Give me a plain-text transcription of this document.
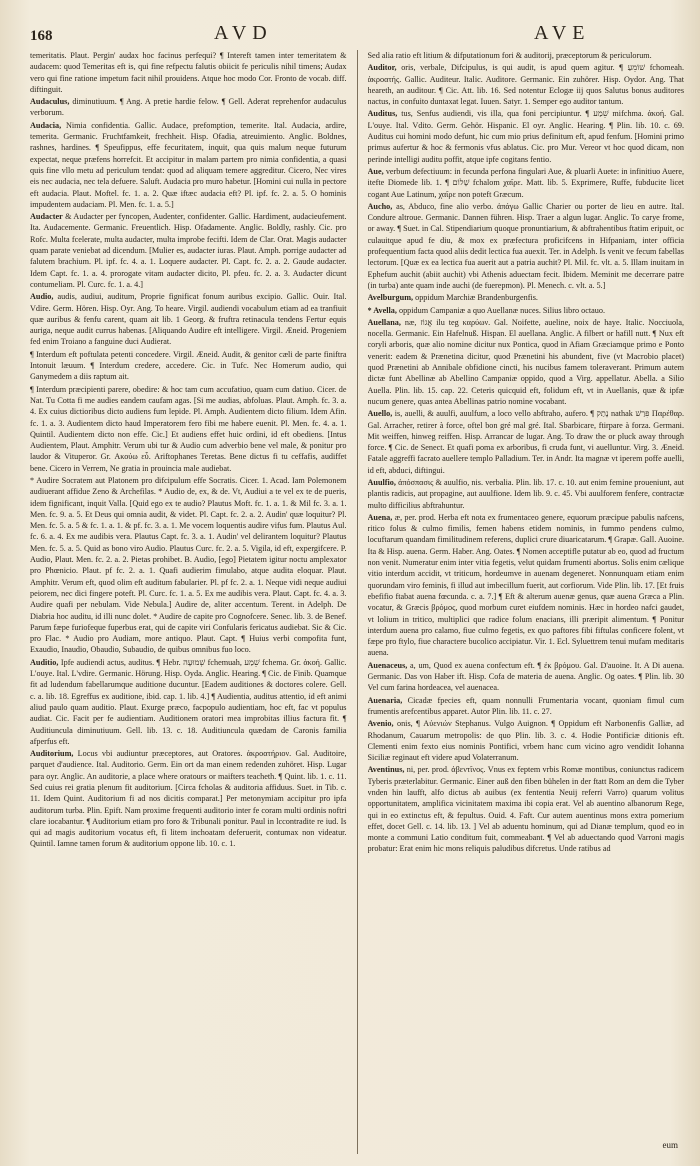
168	AVD	AVE

temeritatis. Plaut. Pergin' audax hoc facinus perfequi? ¶ Intereft tamen inter temeritatem & audacem: quod Temeritas eft is, qui fine refpectu falutis obiicit fe periculis nihil timens; Audax vero qui fine ratione impetum facit nihil prouidens. Atque hoc modo Cor. Fronto de vocab. diff. diftinguit.

Audaculus, diminutiuum. ¶ Ang. A pretie hardie felow. ¶ Gell. Aderat reprehenfor audaculus verborum.

Audacia, Nimia confidentia. Gallic. Audace, prefomption, temerite. Ital. Audacia, ardire, temerita. Germanic. Fruchtfamkeit, frechheit. Hisp. Ofadia, atreuimiento. Anglic. Boldnes, rashnes, hardines. ¶ Speufippus, effe fecuritatem, inquit, qua quis malum neque futurum expectat, neque præfens horrefcit. Et accipitur in malam partem pro nimia confidentia, a quasi quis fine vllo metu ad periculum tendat: quod ad aliquam temere aggreditur. Cicero, Nec vires eis nec audacia, nec tela defuere. Saluft. Audacia pro muro habetur. [Homini cui nulla in pectore eft audacia. Plaut. Moftel. fc. 1. a. 2. Quæ iftæc audacia eft? Pl. ipf. fc. 2. a. 5. O hominis impudentem audaciam. Pl. Men. fc. 1. a. 5.]

Audacter & Audacter per fyncopen, Audenter, confidenter. Gallic. Hardiment, audacieufement. Ita. Audacemente. Germanic. Freuentlich. Hisp. Ofadamente. Anglic. Boldly, rashly. Cic. pro Rofc. Multa fcelerate, multa audacter, multa improbe fecifti. Idem de Clar. Orat. Magis audacter quam parate veniebat ad dicendum. [Mulier es, audacter iuras. Plaut. Amph. porrige audacter ad falutem brachium. Pl. ipf. fc. 4. a. 1. Loquere audacter. Pl. Capt. fc. 2. a. 2. Gaude audacter. Idem Capt. fc. 1. a. 4. prorogate vitam audacter dicito, Pl. pfeu. fc. 2. a. 3. Audacter dicunt contumeliam. Pl. Curc. fc. 1. a. 4.]

Audio, audis, audiui, auditum, Proprie fignificat fonum auribus excipio. Gallic. Ouir. Ital. Vdire. Germ. Hören. Hisp. Oyr. Ang. To heare. Virgil. audiendi vocabulum etiam ad ea tranfiuit quæ auribus & fenfu carent, quam ait lib. 1 Georg. & fruftra retinacula tendens Fertur equis auriga, neque audit currus habenas. [Aliquando Audire eft intelligere. Virgil. Æneid. Progeniem fed enim Troiano a fanguine duci Audierat.

¶ Interdum eft poftulata petenti concedere. Virgil. Æneid. Audit, & genitor cæli de parte finiftra Intonuit læuum. ¶ Interdum credere, accedere. Cic. in Tufc. Nec Homerum audio, qui Ganymedem a diis raptum ait.

¶ Interdum præcipienti parere, obedire: & hoc tam cum accufatiuo, quam cum datiuo. Cicer. de Nat. Tu Cotta fi me audies eandem caufam agas. [Si me audias, abfoluas. Plaut. Amph. fc. 3. a. 4. Ex cuius dictioribus dicto audiens fum lepide. Pl. Amph. Audientem dicto filium. Idem Afin. fc. 1. a. 3. Audientem dicto haud Imperatorem fero fibi me habere euenit. Pl. Men. fc. 4. a. 1. Quintil. Audientem dicto non effe. Cic.] Et audiens effet huic ordini, id eft obediens. [Intus Audientem, Plaut. Amphitr. Verum ubi tur & Audio cum adverbio bene vel male, & ponitur pro laudor & Vituperor. Gr. Ακούω εὖ. Ariftophanes Teretas. Bene dictus fi tu ceffafis, audiffet bene. Cicero in Verrem, Ne gratia in prouincia male audiebat.

* Audire Socratem aut Platonem pro difcipulum effe Socratis. Cicer. 1. Acad. Iam Polemonem audiuerant affidue Zeno & Archefilas. * Audio de, ex, & de. Vt, Audiui a te vel ex te de pueris, idem fignificant, inquit Valla. [Quid ego ex te audio? Plautus Moft. fc. 1. a. 1. & Mil fc. 3. a. 1. Men. fc. 9. a. 5. Et Deus qui omnia audit, & videt. Pl. Capt. fc. 2. a. 2. Audin' quæ loquitur? Pl. Men. fc. 5. a. 5 & fc. 1. a. 1. & pf. fc. 3. a. 1. Me vocem loquentis audire vifus fum. Plautus Aul. fc. 6. a. 4. Ex me audibis vera. Plautus Capt. fc. 3. a. 1. Audin' vel delirantem loquitur? Plautus Men. fc. 5. a. 5. Quid as bono viro Audio. Plautus Curc. fc. 2. a. 5. Vigila, id eft, expergifcere. P. Audio, Plaut. Men. fc. 2. a. 2. Pietas prohibet. B. Audio, [ego] Pietatem igitur noctu amplexator pro Phœnicio. Plaut. pf fc. 2. a. 1. Quafi audierim fimulabo, atque audita eloquar. Plaut. Amphitr. Verum eft, quod olim eft auditum fabularier. Pl. pf fc. 2. a. 1. Neque vidi neque audiui peiorem, nec dici fingere poteft. Pl. Curc. fc. 1. a. 5. Ex me audibis vera. Plaut. Capt. fc. 4. a. 3. Audire quafi per nebulam. Vide Nebula.] Audire de, aliter accentum. Terent. in Adelph. De Diabria hoc auditu, id illi nunc dolet. * Audire de capite pro Cognofcere. Senec. lib. 3. de Benef. Parum fæpe furiofeque fuperbus erat, qui de capite viri Confularis fericatus audiebat. Sic & Cic. pro Flac. * Audio pro Audiam, more antiquo. Plaut. Capt. ¶ Huius verbi compofita funt, Exaudio, Inaudio, Obaudio, Subaudio, de quibus omnibus fuo loco.

Auditio, Ipfe audiendi actus, auditus. ¶ Hebr. שְׁמוּעָה fchemuah, שֵׁמַע fchema. Gr. ἀκοή. Gallic. L'ouye. Ital. L'vdire. Germanic. Hörung. Hisp. Oyda. Anglic. Hearing. ¶ Cic. de Finib. Quamque fit ad ludendum fabellarumque auditione ducuntur. [Eadem auditiones & doctores colere. Gell. c. a. lib. 18. Egreffus ex auditione, ibid. cap. 1. lib. 4.] ¶ Audientia, auditus attentio, id eft animi aliud paulo quam auditio. Plaut. Exurge præco, facpopulo audientiam, hoc eft, fac vt populus audiat. Cic. Facit per fe audientiam. Auditionem oratori mea improbitas illius factura fit. ¶ Auditiuncula diminutiuum. Gell. lib. 13. c. 18. Auditiuncula quædam de Caronis familia afperfus eft.

Auditorium, Locus vbi audiuntur præceptores, aut Oratores. ἀκροατήριον. Gal. Auditoire, parquet d'audience. Ital. Auditorio. Germ. Ein ort da man einem redenden zuhöret. Hisp. Lugar para oyr. Anglic. An auditorie, a place where oratours or maifters teacheth. ¶ Quint. lib. 1. c. 11. Sed cuius rei gratia plenum fit auditorium. [Circa fcholas & auditoria affiduus. Suet. in Tib. c. 11. Idem Quint. Auditorium fi ad nos dicitis comparat.] Per metonymiam accipitur pro ipfa auditorum turba. Plin. Epift. Nam proxime frequenti auditorio inter fe coram multi ordinis noftri clare iocabantur. ¶ Auditorium etiam pro foro & Tribunali ponitur. Paul in lccontradite re iud. Is qui ad magis auditorium vocatus eft, fi litem inchoatam deferuerit, contumax non videatur. Quintil. Iamne tamen forum & auditorium oppone lib. 10. c. 1.

Sed alia ratio eft litium & difputationum fori & auditorij, præceptorum & periculorum.

Auditor, oris, verbale, Difcipulus, is qui audit, is apud quem agitur. ¶ שׁוֹמֵעַ fchomeah. ἀκροατής. Gallic. Auditeur. Italic. Auditore. Germanic. Ein zuhörer. Hisp. Oydor. Ang. That heareth, an auditour. ¶ Cic. Att. lib. 16. Sed notentur Eclogæ iij quos Salutus bonus auditores nactus, in confuito duntaxat legat. Iuuen. Satyr. 1. Semper ego auditor tantum.

Auditus, tus, Senfus audiendi, vis illa, qua foni percipiuntur. ¶ שֵׁמַע mifchma. ἀκοή. Gal. L'ouye. Ital. Vdito. Germ. Gehör. Hispanic. El oyr. Anglic. Hearing. ¶ Plin. lib. 10. c. 69. Auditus cui homini modo defunt, hic cum mio prius definitum eft, apud fenfum. [Homini primo primus aufertur & hoc & fermonis vfus ablatus. Cic. pro Mur. Vereor vt hoc quod dicam, non perinde intelligi auditu poffit, atque ipfe cogitans fentio.

Aue, verbum defectiuum: in fecunda perfona fingulari Aue, & pluarli Auete: in infinitiuo Auere, itefte Diomede lib. 1. ¶ שָׁלוֹם fchalom χαῖρε. Matt. lib. 5. Exprimere, Ruffe, fubducite licet cogant Aue Latinum, χαῖρε non poteft Græcum.

Aucho, as, Abduco, fine alio verbo. ἀπάγω Gallic Charier ou porter de lieu en autre. Ital. Condure altroue. Germanic. Dannen führen. Hisp. Traer a algun lugar. Anglic. To carye frome, or away. ¶ Suet. in Cal. Stipendiarium quoque pronuntiarium, & abftrahentibus ftatim eripuit, oc culauitque apud fe diu, & mox ex præfectura proficifcens in Hifpaniam, inter officia profequentium facta quod aliis dedit lectica fua auexit. Ter. in Adelph. Is venit ve fecum fabellas lectorum. [Quæ ex ea lectica fua auerit aut a patria auchit? Pl. Mil. fc. vlt. a. 5. Illam inuitam in Ephefum auchit (abiit auchit) vbi Athenis aduectam fecit. Ibidem. Meminit me decerrare patre (in turba) ante quam inde auchi (de fuerepmon). Pl. Menech. c. vlt. a. 5.]

Avelburgum, oppidum Marchiæ Brandenburgenfis.

* Avella, oppidum Campaniæ a quo Auellanæ nuces. Silius libro octauo.

Auellana, næ, אֱגוֹז ilu teg καρύων. Gal. Noifette, aueline, noix de haye. Italic. Nocciuola, nocella. Germanic. Ein Hafelnuß. Hispan. El auellana. Anglic. A filbert or hafill nutt. ¶ Nux eft coryli arboris, quæ alio nomine dicitur nux Pontica, quod in Afiam Græciamque primo e Ponto venerit: eadem & Prænetina dicitur, quod Prænetini his abundent, five (vt Macrobio placet) quod Prænetini ab Annibale obfidione cincti, his nucibus famem toleraverant. Primum autem dictæ funt Abellinæ ab Abellino Campaniæ oppido, quod a Virg. appellatur. Abella. a Silio Auella. Plin. lib. 15. cap. 22. Ceteris quicquid eft, folidum eft, vt in Auellanis, quæ & ipfæ nucum genere, quas antea Abellinas patrio nomine vocabant.

Auello, is, auelli, & auulfi, auulfum, a loco vello abftraho, aufero. ¶ נָתַק nathak פִּרַשׁ Παρέθαρ. Gal. Arracher, retirer à force, oftel bon gré mal gré. Ital. Sbarbicare, ftirpare à forza. Germani. Mit weiffen, hinweg reiffen. Hisp. Arrancar de lugar. Ang. To draw the or pluck away through force. ¶ Cic. de Senect. Et quafi poma ex arboribus, fi cruda funt, vi auelluntur. Virg. 3. Æneid. Fatale aggreffi facrato auellere templo Palladium. Ter. in Andr. Ita magnæ vt iperem poffe auelli, id eft, abduci, diftingui.

Auulfio, ἀπόσπασις & auulfio, nis. verbalia. Plin. lib. 17. c. 10. aut enim femine proueniunt, aut plantis radicis, aut propagine, aut auulfione. Idem lib. 9. c. 45. Vbi auulforem fenfere, contractæ multo difficilius abftrahuntur.

Auena, æ, per. prod. Herba eft nota ex frumentaceo genere, equorum præcipue pabulis nafcens, ritico folus & culmo fimilis, femen habens etidem nominis, in fummo pendens culmo, locuftarum quandam fimilitudinem referens, duplici crure diuaricatarum. ¶ Grapæ. Gall. Auoine. Ita & Hisp. auena. Germ. Haber. Ang. Oates. ¶ Nomen acceptifle putatur ab eo, quod ad fructum non venit. Numeratur enim inter vitia fegetis, velut quidam frumenti abortus. Solis enim cælique vitio interdum accidit, vt triticum, hordeumve in auenam degeneret. Nonnunquam etiam enim quorundam viro feminis, fi illud aut imbecillum fuerit, aut corfiorum. Vide Plin. lib. 17. [Et fruis ebefifio ftabat auena fœcunda. c. a. 7.] ¶ Eft & alterum auenæ genus, quæ auena Græca a Plin. vocatur, & Græcis βρόμος, quod morbum curet eiufdem nominis. Hæc in hordeo nafci gaudet, vt lolium in tritico, multiplici que radice folum enacians, illi præripit alimentum. ¶ Ponitur interdum auena pro calamo, fiue culmo fegetis, ex quo paftores fibi fiftulas conficere folent, vt fæpe pro ftylo, fiue charactere bucolico accipiatur. Vir. 1. Ecl. Syluettrem tenui mufam meditaris auena.

Auenaceus, a, um, Quod ex auena confectum eft. ¶ ἐκ βρόμου. Gal. D'auoine. It. A Di auena. Germanic. Das von Haber ift. Hisp. Cofa de materia de auena. Anglic. Og oates. ¶ Plin. lib. 30 Vel cum farina hordeacea, vel auenacea.

Auenaria, Cicadæ fpecies eft, quam nonnulli Frumentaria vocant, quoniam fimul cum frumentis arefcentibus apparet. Autor Plin. lib. 11. c. 27.

Avenio, onis, ¶ Αὐενιών Stephanus. Vulgo Auignon. ¶ Oppidum eft Narbonenfis Galliæ, ad Rhodanum, Cauarum metropolis: de quo Plin. lib. 3. c. 4. Hodie Pontificiæ ditionis eft. Clementi enim fexto eius nominis Pontifici, vrbem hanc cum vicino agro vendidit Iohanna Siciliæ reginaut eft videre apud Volaterranum.

Aventinus, ni, per. prod. ἀβεντῖνος. Vnus ex feptem vrbis Romæ montibus, coniunctus radicem Tyberis præterlabitur. Germanic. Einer auß den fiben bühelen in der ftatt Rom an dem die Tyber vnden hin laufft, alfo dictus ab auibus (ex fententia Neuij referri Varro) quarum volitus opportunitatem, amplifica vicinitatem maxima ibi copia erat. Vel ab auentino albanorum Rege, qui in eo extinctus eft, & fepultus. Ouid. 4. Faft. Cur autem auentinus mons extra pomerium effet, docet Gell. c. 14. lib. 13. ] Vel ab aduentu hominum, qui ad Dianæ templum, quod eo in monte a communi Latio conditum fuit, commeabant. ¶ Vel ab aduectando quod Varroni magis probatur: Erat enim hic mons reliquis paludibus difcretus. Unde ratibus ad

eum
